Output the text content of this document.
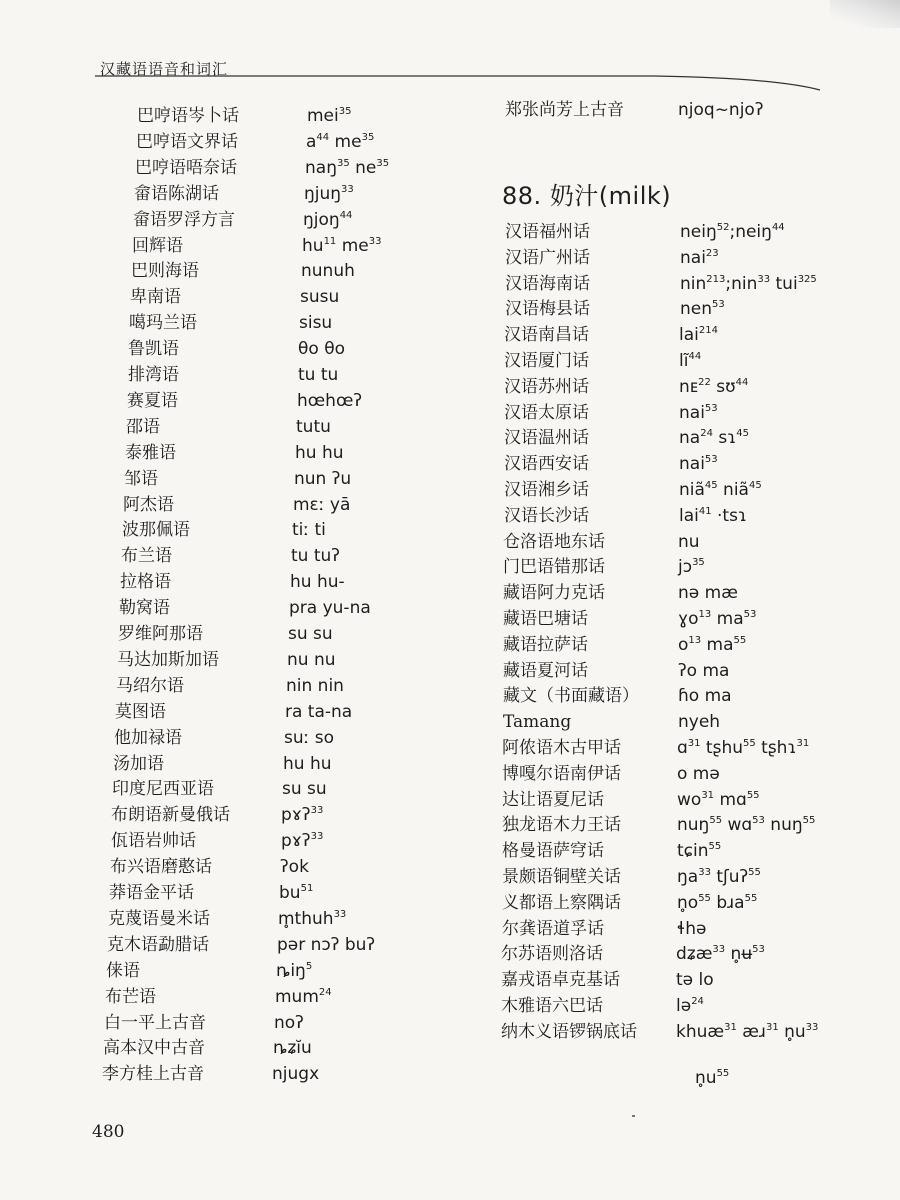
汉藏语语音和词汇
巴哼语岑卜话	mei$^{35}$
巴哼语文界话	$a^{44}$ $me^{35}$
巴哼语唔奈话	naŋ$^{35}$ $ne^{35}$
畲语陈湖话	ŋjuŋ$^{33}$
畲语罗浮方言	ŋjoŋ$^{44}$
回辉语	$hu^{11}$ $me^{33}$
巴则海语	nunuh
卑南语	susu
噶玛兰语	sisu
鲁凯语	θo θo
排湾语	tu tu
赛夏语	hœhœʔ
邵语	tutu
泰雅语	hu hu
邹语	nun ʔu
阿杰语	mɛː yā
波那佩语	tiː ti
布兰语	tu tuʔ
拉格语	hu hu-
勒窝语	pra yu-na
罗维阿那语	su su
马达加斯加语	nu nu
马绍尔语	nin nin
莫图语	ra ta-na
他加禄语	suː so
汤加语	hu hu
印度尼西亚语	su su
布朗语新曼俄话	pɤʔ$^{33}$
佤语岩帅话	pɤʔ$^{33}$
布兴语磨憨话	ʔok
莽语金平话	$bu^{51}$
克蔑语曼米话	m̥thuh$^{33}$
克木语勐腊话	pər nɔʔ buʔ
俫语	ȵiŋ$^5$
布芒语	mum$^{24}$
白一平上古音	noʔ
高本汉中古音	ȵʑĭu
李方桂上古音	njugx
郑张尚芳上古音	njoq~njoʔ
88. 奶汁(milk)
汉语福州话	neiŋ$^{52}$;neiŋ$^{44}$
汉语广州话	nai$^{23}$
汉语海南话	nin$^{213}$;nin$^{33}$ tui$^{325}$
汉语梅县话	nen$^{53}$
汉语南昌话	lai$^{214}$
汉语厦门话	$lĩ^{44}$
汉语苏州话	nᴇ$^{22}$ sʊ$^{44}$
汉语太原话	nai$^{53}$
汉语温州话	$na^{24}$ sɿ$^{45}$
汉语西安话	nai$^{53}$
汉语湘乡话	niã$^{45}$ niã$^{45}$
汉语长沙话	lai$^{41}$ ·tsɿ
仓洛语地东话	nu
门巴语错那话	jɔ$^{35}$
藏语阿力克话	nə mæ
藏语巴塘话	ɣo$^{13}$ $ma^{53}$
藏语拉萨话	$o^{13}$ $ma^{55}$
藏语夏河话	ʔo ma
藏文（书面藏语） ɦo ma
Tamang	nyeh
阿侬语木古甲话	ɑ$^{31}$ tʂhu$^{55}$ tʂhɿ$^{31}$
博嘎尔语南伊话	o mə
达让语夏尼话	$wo^{31}$ mɑ$^{55}$
独龙语木力王话	nuŋ$^{55}$ wɑ$^{53}$ nuŋ$^{55}$
格曼语萨穹话	tɕin$^{55}$
景颇语铜壁关话	$ŋa^{33}$ tʃuʔ$^{55}$
义都语上察隅话	$n̥o^{55}$ bɹa$^{55}$
尔龚语道孚话	ɬhə
尔苏语则洛话	dʑæ$^{33}$ n̥ʉ$^{53}$
嘉戎语卓克基话	tə lo
木雅语六巴话	lə$^{24}$
纳木义语锣锅底话 khuæ$^{31}$ æɹ$^{31}$ $n̥u^{33}$
$n̥u^{55}$
480
